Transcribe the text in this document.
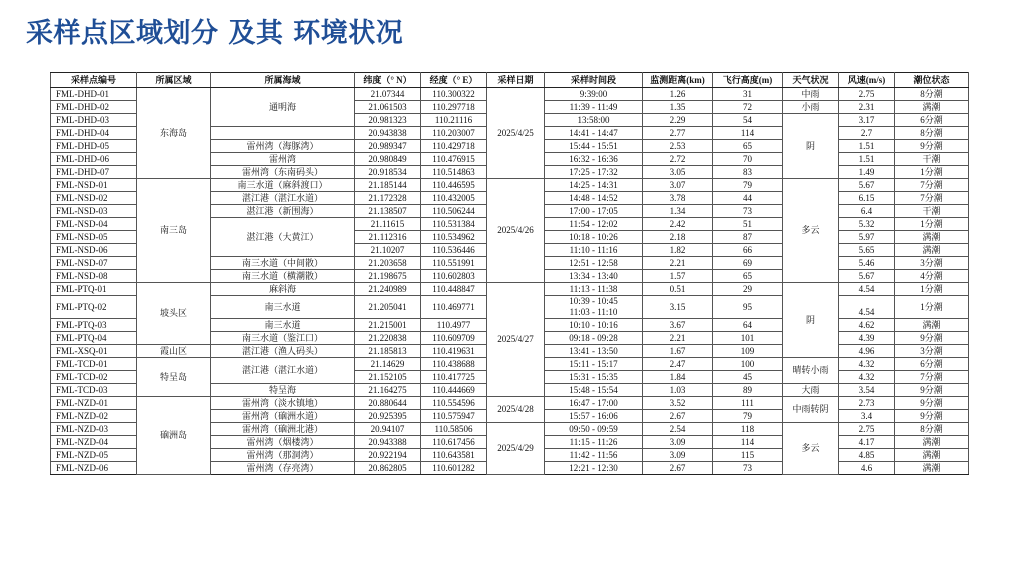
采样点区域划分 及其 环境状况
采样点编号	所属区域	所属海域	纬度（° N）	经度（° E）	采样日期	采样时间段	监测距离(km)	飞行高度(m)	天气状况	风速(m/s)	潮位状态
FML-DHD-01	东海岛	通明海	21.07344	110.300322	2025/4/25	9:39:00	1.26	31	中雨	2.75	8分潮
FML-DHD-02			21.061503	110.297718		11:39 - 11:49	1.35	72	小雨	2.31	满潮
FML-DHD-03			20.981323	110.21116		13:58:00	2.29	54	阴	3.17	6分潮
FML-DHD-04			20.943838	110.203007		14:41 - 14:47	2.77	114		2.7	8分潮
FML-DHD-05		雷州湾（海豚湾）	20.989347	110.429718		15:44 - 15:51	2.53	65		1.51	9分潮
FML-DHD-06		雷州湾	20.980849	110.476915		16:32 - 16:36	2.72	70		1.51	干潮
FML-DHD-07		雷州湾（东南码头）	20.918534	110.514863		17:25 - 17:32	3.05	83		1.49	1分潮
FML-NSD-01	南三岛	南三水道（麻斜渡口）	21.185144	110.446595	2025/4/26	14:25 - 14:31	3.07	79	多云	5.67	7分潮
FML-NSD-02		湛江港（湛江水道）	21.172328	110.432005		14:48 - 14:52	3.78	44		6.15	7分潮
FML-NSD-03		湛江港（新围海）	21.138507	110.506244		17:00 - 17:05	1.34	73		6.4	干潮
FML-NSD-04		湛江港（大黄江）	21.11615	110.531384		11:54 - 12:02	2.42	51		5.32	1分潮
FML-NSD-05			21.112316	110.534962		10:18 - 10:26	2.18	87		5.97	满潮
FML-NSD-06			21.10207	110.536446		11:10 - 11:16	1.82	66		5.65	满潮
FML-NSD-07		南三水道（中间散）	21.203658	110.551991		12:51 - 12:58	2.21	69		5.46	3分潮
FML-NSD-08		南三水道（横潮散）	21.198675	110.602803		13:34 - 13:40	1.57	65		5.67	4分潮
FML-PTQ-01	坡头区	麻斜海	21.240989	110.448847	2025/4/27	11:13 - 11:38	0.51	29	阴	4.54	1分潮
FML-PTQ-02		南三水道	21.205041	110.469771		10:39 - 10:45
11:03 - 11:10	3.15	95		4.54	1分潮
FML-PTQ-03		南三水道	21.215001	110.4977		10:10 - 10:16	3.67	64		4.62	满潮
FML-PTQ-04		南三水道（鉴江口）	21.220838	110.609709		09:18 - 09:28	2.21	101		4.39	9分潮
FML-XSQ-01	霞山区	湛江港（渔人码头）	21.185813	110.419631		13:41 - 13:50	1.67	109		4.96	3分潮
FML-TCD-01	特呈岛	湛江港（湛江水道）	21.14629	110.438688		15:11 - 15:17	2.47	100	晴转小雨	4.32	6分潮
FML-TCD-02			21.152105	110.417725		15:31 - 15:35	1.84	45		4.32	7分潮
FML-TCD-03		特呈海	21.164275	110.444669		15:48 - 15:54	1.03	89	大雨	3.54	9分潮
FML-NZD-01	硇洲岛	雷州湾（淡水镇地）	20.880644	110.554596	2025/4/28	16:47 - 17:00	3.52	111	中雨转阴	2.73	9分潮
FML-NZD-02		雷州湾（硇洲水道）	20.925395	110.575947		15:57 - 16:06	2.67	79		3.4	9分潮
FML-NZD-03		雷州湾（硇洲北港）	20.94107	110.58506	2025/4/29	09:50 - 09:59	2.54	118	多云	2.75	8分潮
FML-NZD-04		雷州湾（烟楼湾）	20.943388	110.617456		11:15 - 11:26	3.09	114		4.17	满潮
FML-NZD-05		雷州湾（那洞湾）	20.922194	110.643581		11:42 - 11:56	3.09	115		4.85	满潮
FML-NZD-06		雷州湾（存亮湾）	20.862805	110.601282		12:21 - 12:30	2.67	73		4.6	满潮
